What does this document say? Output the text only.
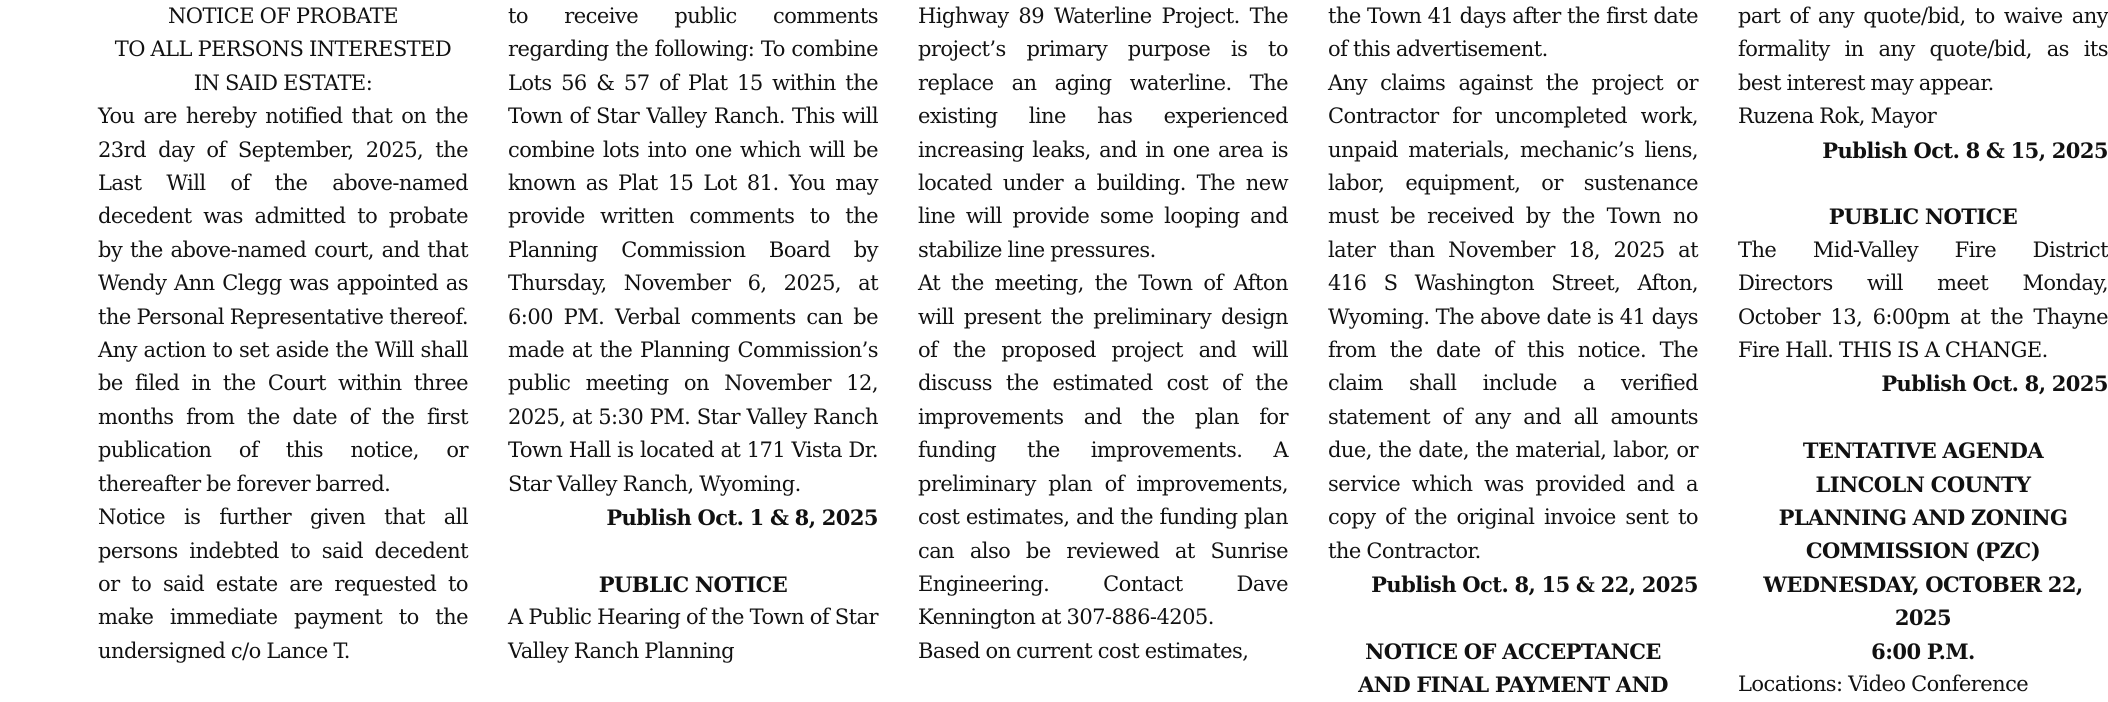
NOTICE OF PROBATE

TO ALL PERSONS INTERESTED

IN SAID ESTATE:

You are hereby notified that on the 23rd day of September, 2025, the Last Will of the above-named decedent was admitted to probate by the above-named court, and that Wendy Ann Clegg was appointed as the Personal Representative thereof. Any action to set aside the Will shall be filed in the Court within three months from the date of the first publication of this notice, or thereafter be forever barred.

Notice is further given that all persons indebted to said decedent or to said estate are requested to make immediate payment to the undersigned c/o Lance T.

to receive public comments regarding the following: To combine Lots 56 & 57 of Plat 15 within the Town of Star Valley Ranch. This will combine lots into one which will be known as Plat 15 Lot 81. You may provide written comments to the Planning Commission Board by Thursday, November 6, 2025, at 6:00 PM. Verbal comments can be made at the Planning Commission’s public meeting on November 12, 2025, at 5:30 PM. Star Valley Ranch Town Hall is located at 171 Vista Dr. Star Valley Ranch, Wyoming.

Publish Oct. 1 & 8, 2025

PUBLIC NOTICE

A Public Hearing of the Town of Star Valley Ranch Planning

Highway 89 Waterline Project. The project’s primary purpose is to replace an aging waterline. The existing line has experienced increasing leaks, and in one area is located under a building. The new line will provide some looping and stabilize line pressures.

At the meeting, the Town of Afton will present the preliminary design of the proposed project and will discuss the estimated cost of the improvements and the plan for funding the improvements. A preliminary plan of improvements, cost estimates, and the funding plan can also be reviewed at Sunrise Engineering. Contact Dave Kennington at 307-886-4205.

Based on current cost estimates,

the Town 41 days after the first date of this advertisement.

Any claims against the project or Contractor for uncompleted work, unpaid materials, mechanic’s liens, labor, equipment, or sustenance must be received by the Town no later than November 18, 2025 at 416 S Washington Street, Afton, Wyoming. The above date is 41 days from the date of this notice. The claim shall include a verified statement of any and all amounts due, the date, the material, labor, or service which was provided and a copy of the original invoice sent to the Contractor.

Publish Oct. 8, 15 & 22, 2025

NOTICE OF ACCEPTANCE

AND FINAL PAYMENT AND

part of any quote/bid, to waive any formality in any quote/bid, as its best interest may appear.

Ruzena Rok, Mayor

Publish Oct. 8 & 15, 2025

PUBLIC NOTICE

The Mid-Valley Fire District Directors will meet Monday, October 13, 6:00pm at the Thayne Fire Hall. THIS IS A CHANGE.

Publish Oct. 8, 2025

TENTATIVE AGENDA

LINCOLN COUNTY

PLANNING AND ZONING

COMMISSION (PZC)

WEDNESDAY, OCTOBER 22,

2025

6:00 P.M.

Locations: Video Conference
